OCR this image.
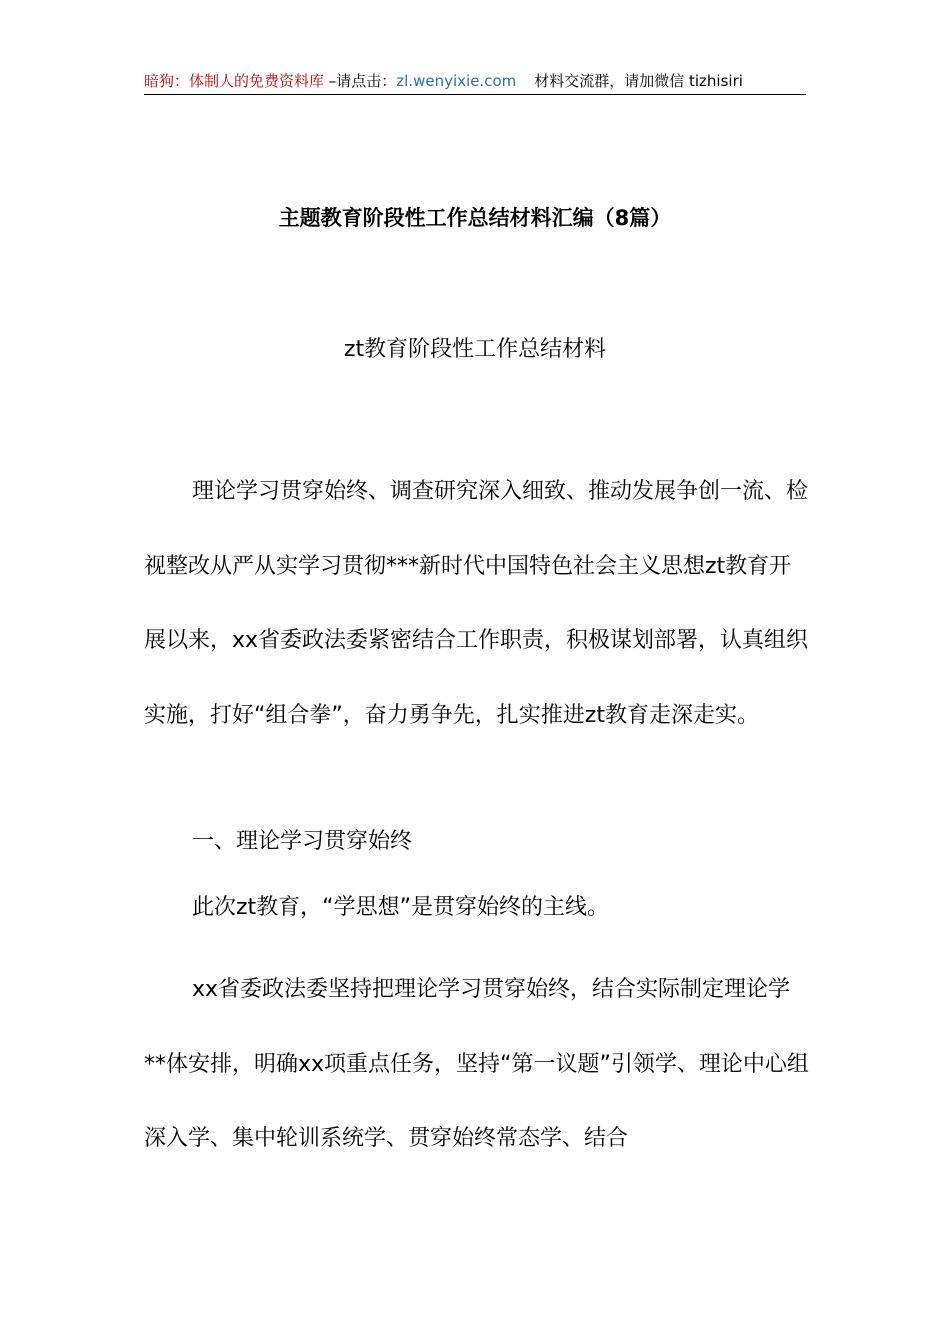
暗狗：体制人的免费资料库 –请点击：zl.wenyixie.com 材料交流群，请加微信 tizhisiri
主题教育阶段性工作总结材料汇编（8篇）
zt教育阶段性工作总结材料

理论学习贯穿始终、调查研究深入细致、推动发展争创一流、检视整改从严从实学习贯彻***新时代中国特色社会主义思想zt教育开展以来，xx省委政法委紧密结合工作职责，积极谋划部署，认真组织实施，打好“组合拳”，奋力勇争先，扎实推进zt教育走深走实。

一、理论学习贯穿始终

此次zt教育，“学思想”是贯穿始终的主线。

xx省委政法委坚持把理论学习贯穿始终，结合实际制定理论学**体安排，明确xx项重点任务，坚持“第一议题”引领学、理论中心组深入学、集中轮训系统学、贯穿始终常态学、结合
